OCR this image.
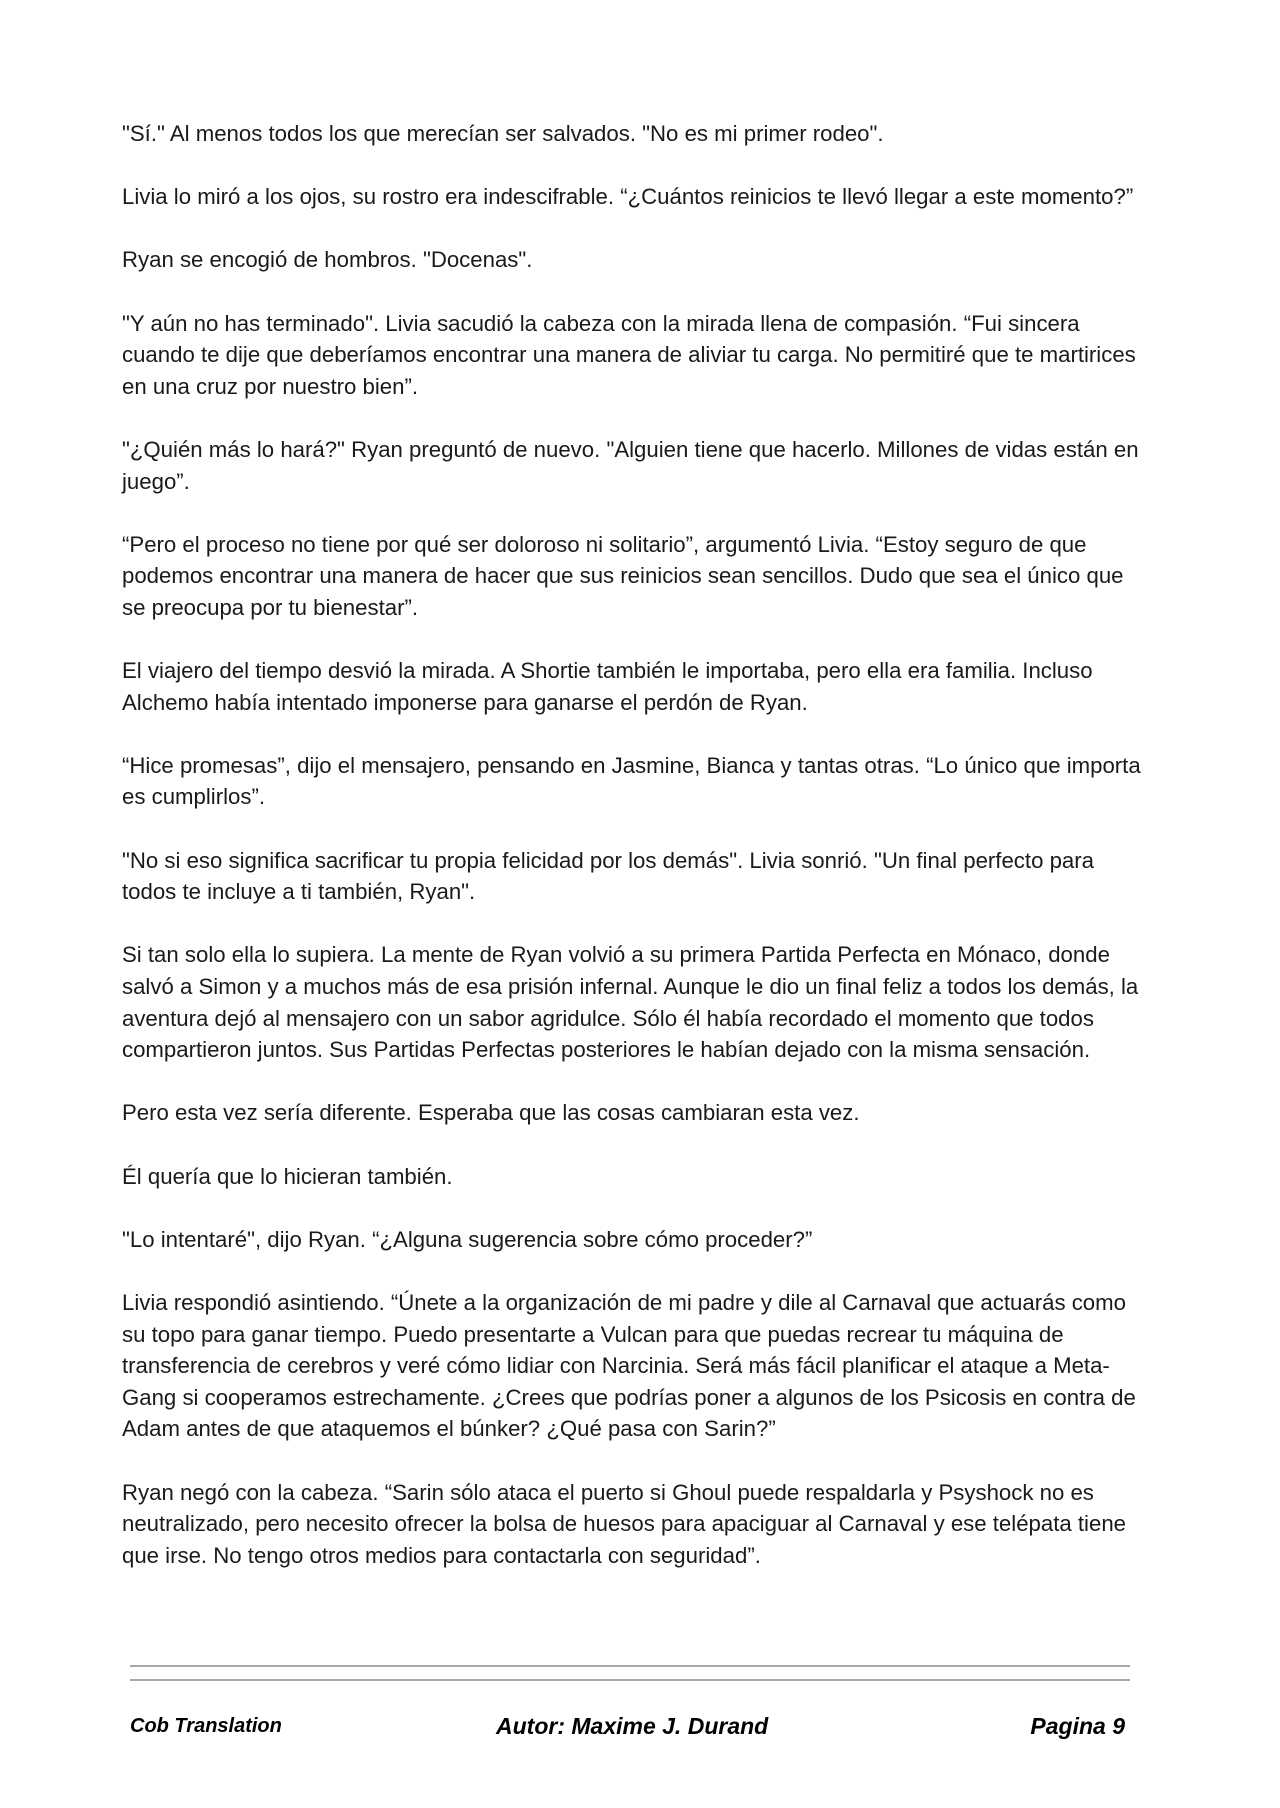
"Sí." Al menos todos los que merecían ser salvados. "No es mi primer rodeo".

Livia lo miró a los ojos, su rostro era indescifrable. “¿Cuántos reinicios te llevó llegar a este momento?”

Ryan se encogió de hombros. "Docenas".

"Y aún no has terminado". Livia sacudió la cabeza con la mirada llena de compasión. “Fui sincera cuando te dije que deberíamos encontrar una manera de aliviar tu carga. No permitiré que te martirices en una cruz por nuestro bien”.

"¿Quién más lo hará?" Ryan preguntó de nuevo. "Alguien tiene que hacerlo. Millones de vidas están en juego”.

“Pero el proceso no tiene por qué ser doloroso ni solitario”, argumentó Livia. “Estoy seguro de que podemos encontrar una manera de hacer que sus reinicios sean sencillos. Dudo que sea el único que se preocupa por tu bienestar”.

El viajero del tiempo desvió la mirada. A Shortie también le importaba, pero ella era familia. Incluso Alchemo había intentado imponerse para ganarse el perdón de Ryan.

“Hice promesas”, dijo el mensajero, pensando en Jasmine, Bianca y tantas otras. “Lo único que importa es cumplirlos”.

"No si eso significa sacrificar tu propia felicidad por los demás". Livia sonrió. "Un final perfecto para todos te incluye a ti también, Ryan".

Si tan solo ella lo supiera. La mente de Ryan volvió a su primera Partida Perfecta en Mónaco, donde salvó a Simon y a muchos más de esa prisión infernal. Aunque le dio un final feliz a todos los demás, la aventura dejó al mensajero con un sabor agridulce. Sólo él había recordado el momento que todos compartieron juntos. Sus Partidas Perfectas posteriores le habían dejado con la misma sensación.

Pero esta vez sería diferente. Esperaba que las cosas cambiaran esta vez.

Él quería que lo hicieran también.

"Lo intentaré", dijo Ryan. “¿Alguna sugerencia sobre cómo proceder?”

Livia respondió asintiendo. “Únete a la organización de mi padre y dile al Carnaval que actuarás como su topo para ganar tiempo. Puedo presentarte a Vulcan para que puedas recrear tu máquina de transferencia de cerebros y veré cómo lidiar con Narcinia. Será más fácil planificar el ataque a Meta-Gang si cooperamos estrechamente. ¿Crees que podrías poner a algunos de los Psicosis en contra de Adam antes de que ataquemos el búnker? ¿Qué pasa con Sarin?”

Ryan negó con la cabeza. “Sarin sólo ataca el puerto si Ghoul puede respaldarla y Psyshock no es neutralizado, pero necesito ofrecer la bolsa de huesos para apaciguar al Carnaval y ese telépata tiene que irse. No tengo otros medios para contactarla con seguridad”.

Cob Translation	Autor: Maxime J. Durand	Pagina 9
